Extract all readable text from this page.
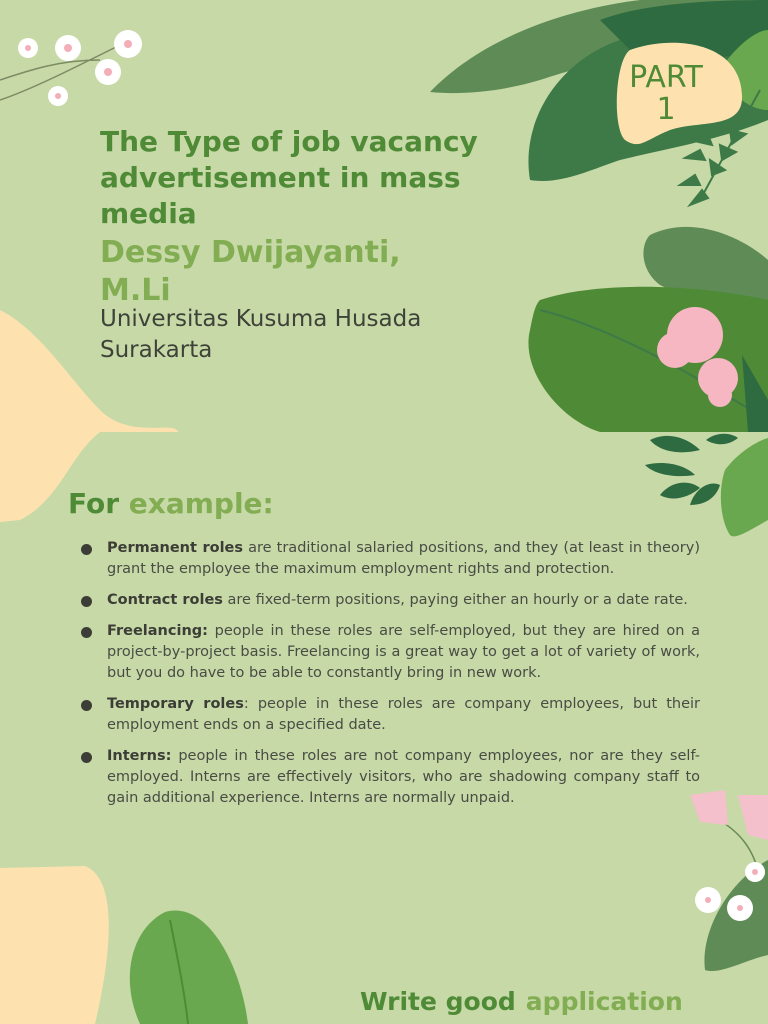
PART
1
The Type of job vacancy advertisement in mass media
Dessy Dwijayanti, M.Li
Universitas Kusuma Husada Surakarta
For example:
Permanent roles are traditional salaried positions, and they (at least in theory) grant the employee the maximum employment rights and protection.
Contract roles are fixed-term positions, paying either an hourly or a date rate.
Freelancing: people in these roles are self-employed, but they are hired on a project-by-project basis. Freelancing is a great way to get a lot of variety of work, but you do have to be able to constantly bring in new work.
Temporary roles: people in these roles are company employees, but their employment ends on a specified date.
Interns: people in these roles are not company employees, nor are they self-employed. Interns are effectively visitors, who are shadowing company staff to gain additional experience. Interns are normally unpaid.
Write good application
